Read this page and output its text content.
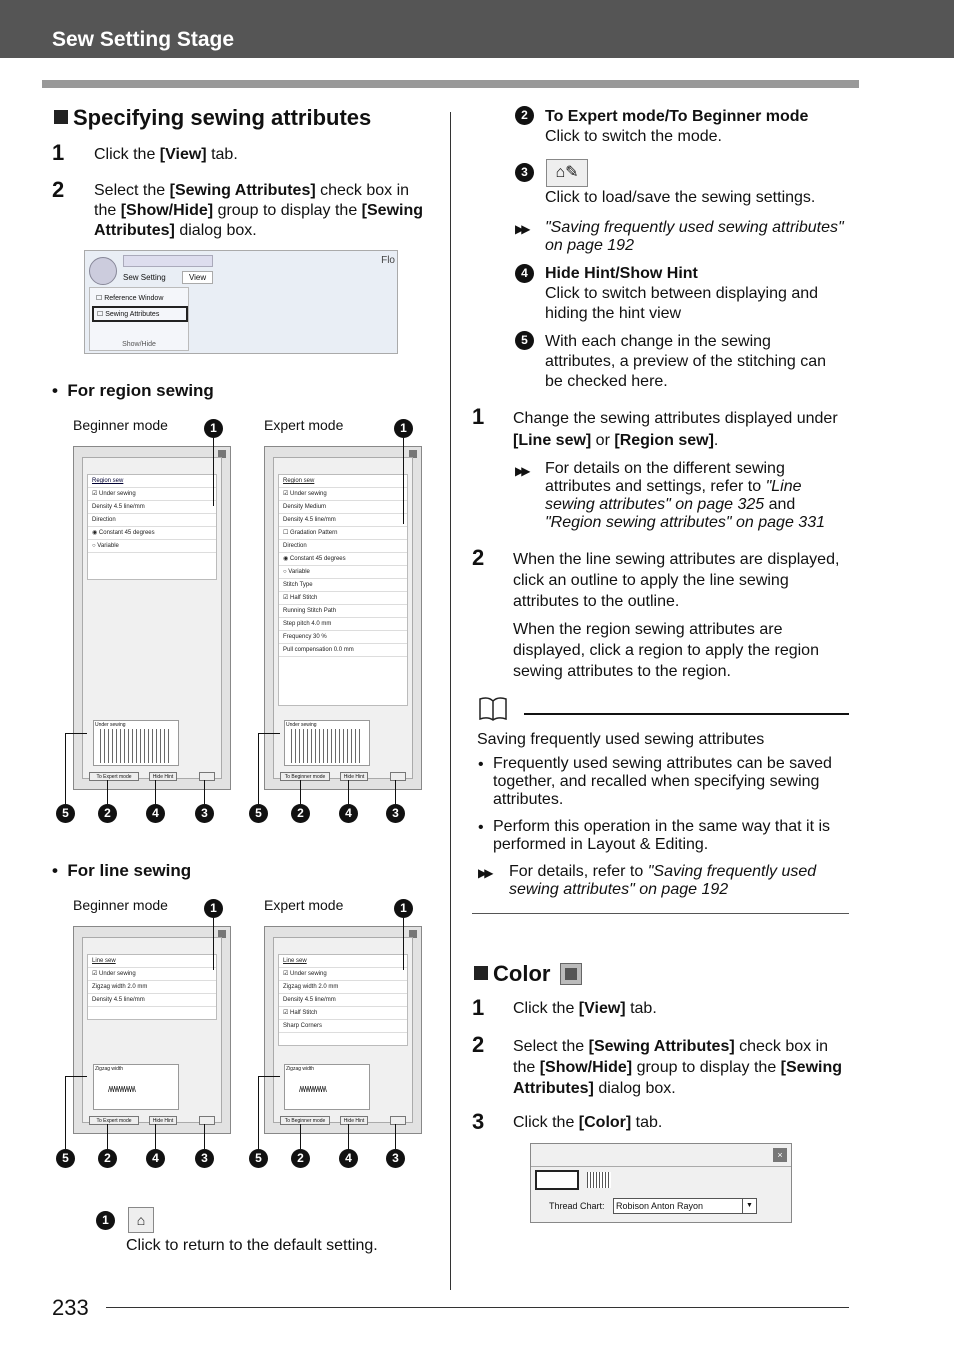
Sew Setting Stage
Specifying sewing attributes
1 Click the [View] tab.
2 Select the [Sewing Attributes] check box in the [Show/Hide] group to display the [Sewing Attributes] dialog box.
Flo
Sew Setting	View
☐ Reference Window
☐ Sewing Attributes
Show/Hide
•  For region sewing
Beginner mode	Expert mode
Region sew
☑ Under sewing
Density 4.5 line/mm
Direction
◉ Constant 45 degrees
○ Variable
Under sewing
To Expert mode	Hide Hint
Region sew
☑ Under sewing
Density Medium
Density 4.5 line/mm
☐ Gradation Pattern
Direction
◉ Constant 45 degrees
○ Variable
Stitch Type
☑ Half Stitch
Running Stitch Path
Step pitch 4.0 mm
Frequency 30 %
Pull compensation 0.0 mm
Under sewing
To Beginner mode	Hide Hint
1	1
5	2	4	3	5	2	4	3
•  For line sewing
Beginner mode	Expert mode
Line sew
☑ Under sewing
Zigzag width 2.0 mm
Density 4.5 line/mm
Zigzag width
/\/\/\/\/\/\/\/\/\/\/\
To Expert mode	Hide Hint
Line sew
☑ Under sewing
Zigzag width 2.0 mm
Density 4.5 line/mm
☑ Half Stitch
Sharp Corners
Zigzag width
/\/\/\/\/\/\/\/\/\/\/\
To Beginner mode	Hide Hint
1	1
5	2	4	3	5	2	4	3
1	⌂
Click to return to the default setting.
2	To Expert mode/To Beginner mode
Click to switch the mode.
3	⌂✎
Click to load/save the sewing settings.
▶▶ "Saving frequently used sewing attributes" on page 192
4	Hide Hint/Show Hint
Click to switch between displaying and hiding the hint view
5	With each change in the sewing attributes, a preview of the stitching can be checked here.
1 Change the sewing attributes displayed under [Line sew] or [Region sew].
▶▶ For details on the different sewing attributes and settings, refer to "Line sewing attributes" on page 325 and "Region sewing attributes" on page 331
2 When the line sewing attributes are displayed, click an outline to apply the line sewing attributes to the outline.
When the region sewing attributes are displayed, click a region to apply the region sewing attributes to the region.
Saving frequently used sewing attributes
• Frequently used sewing attributes can be saved together, and recalled when specifying sewing attributes.
• Perform this operation in the same way that it is performed in Layout & Editing.
▶▶ For details, refer to "Saving frequently used sewing attributes" on page 192
Color
1 Click the [View] tab.
2 Select the [Sewing Attributes] check box in the [Show/Hide] group to display the [Sewing Attributes] dialog box.
3 Click the [Color] tab.
×
Thread Chart:	Robison Anton Rayon	▼
233
